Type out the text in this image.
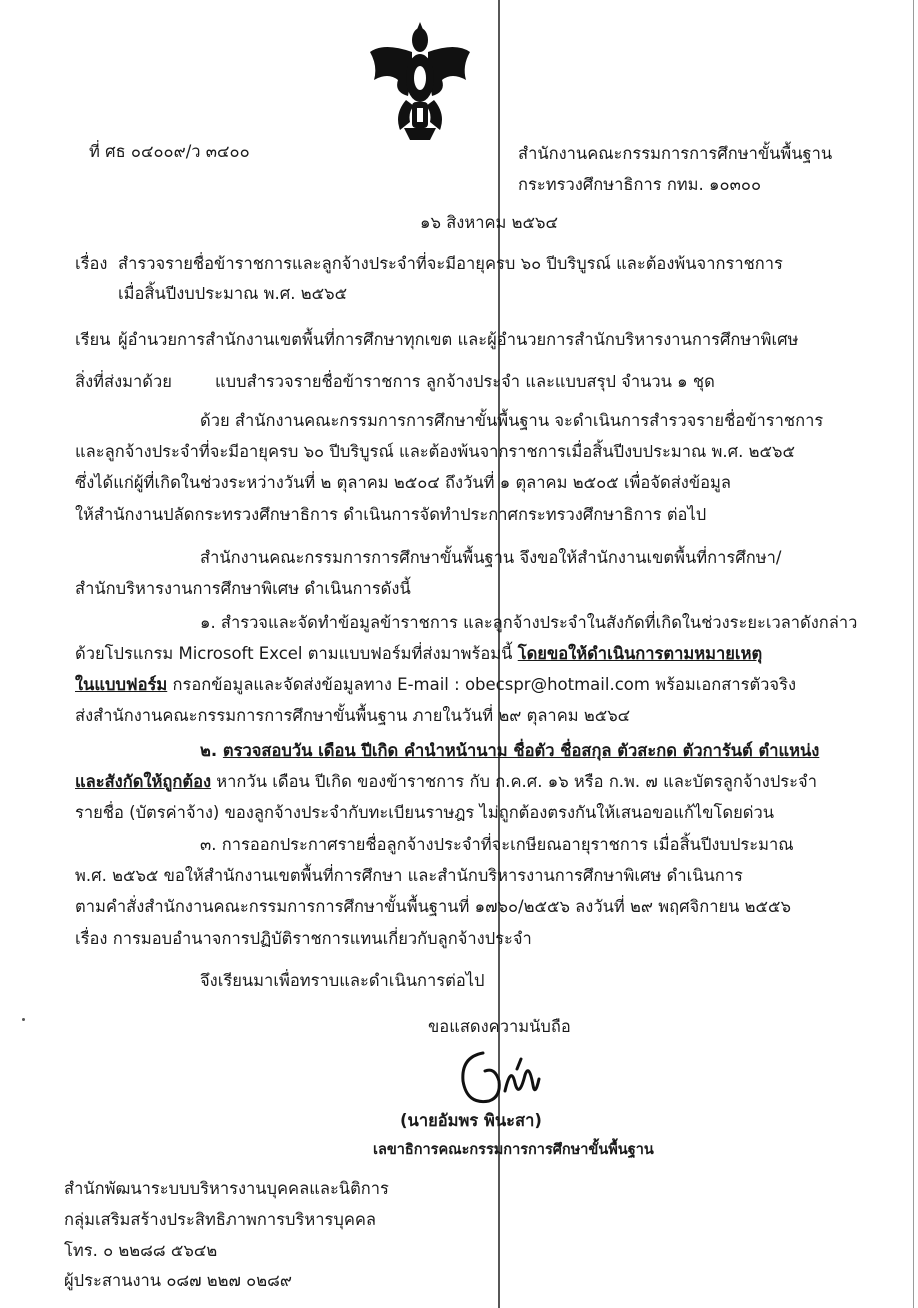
ที่ ศธ ๐๔๐๐๙/ว ๓๔๐๐	สำนักงานคณะกรรมการการศึกษาขั้นพื้นฐาน
กระทรวงศึกษาธิการ กทม. ๑๐๓๐๐
๑๖ สิงหาคม ๒๕๖๔
เรื่อง สำรวจรายชื่อข้าราชการและลูกจ้างประจำที่จะมีอายุครบ ๖๐ ปีบริบูรณ์ และต้องพ้นจากราชการ
เมื่อสิ้นปีงบประมาณ พ.ศ. ๒๕๖๕
เรียน ผู้อำนวยการสำนักงานเขตพื้นที่การศึกษาทุกเขต และผู้อำนวยการสำนักบริหารงานการศึกษาพิเศษ
สิ่งที่ส่งมาด้วย	แบบสำรวจรายชื่อข้าราชการ ลูกจ้างประจำ และแบบสรุป จำนวน ๑ ชุด
ด้วย สำนักงานคณะกรรมการการศึกษาขั้นพื้นฐาน จะดำเนินการสำรวจรายชื่อข้าราชการ
และลูกจ้างประจำที่จะมีอายุครบ ๖๐ ปีบริบูรณ์ และต้องพ้นจากราชการเมื่อสิ้นปีงบประมาณ พ.ศ. ๒๕๖๕
ซึ่งได้แก่ผู้ที่เกิดในช่วงระหว่างวันที่ ๒ ตุลาคม ๒๕๐๔ ถึงวันที่ ๑ ตุลาคม ๒๕๐๕ เพื่อจัดส่งข้อมูล
ให้สำนักงานปลัดกระทรวงศึกษาธิการ ดำเนินการจัดทำประกาศกระทรวงศึกษาธิการ ต่อไป
สำนักงานคณะกรรมการการศึกษาขั้นพื้นฐาน จึงขอให้สำนักงานเขตพื้นที่การศึกษา/
สำนักบริหารงานการศึกษาพิเศษ ดำเนินการดังนี้
๑. สำรวจและจัดทำข้อมูลข้าราชการ และลูกจ้างประจำในสังกัดที่เกิดในช่วงระยะเวลาดังกล่าว
ด้วยโปรแกรม Microsoft Excel ตามแบบฟอร์มที่ส่งมาพร้อมนี้ โดยขอให้ดำเนินการตามหมายเหตุ
ในแบบฟอร์ม กรอกข้อมูลและจัดส่งข้อมูลทาง E-mail : obecspr@hotmail.com พร้อมเอกสารตัวจริง
ส่งสำนักงานคณะกรรมการการศึกษาขั้นพื้นฐาน ภายในวันที่ ๒๙ ตุลาคม ๒๕๖๔
๒. ตรวจสอบวัน เดือน ปีเกิด คำนำหน้านาม ชื่อตัว ชื่อสกุล ตัวสะกด ตัวการันต์ ตำแหน่ง
และสังกัดให้ถูกต้อง หากวัน เดือน ปีเกิด ของข้าราชการ กับ ก.ค.ศ. ๑๖ หรือ ก.พ. ๗ และบัตรลูกจ้างประจำ
รายชื่อ (บัตรค่าจ้าง) ของลูกจ้างประจำกับทะเบียนราษฎร ไม่ถูกต้องตรงกันให้เสนอขอแก้ไขโดยด่วน
๓. การออกประกาศรายชื่อลูกจ้างประจำที่จะเกษียณอายุราชการ เมื่อสิ้นปีงบประมาณ
พ.ศ. ๒๕๖๕ ขอให้สำนักงานเขตพื้นที่การศึกษา และสำนักบริหารงานการศึกษาพิเศษ ดำเนินการ
ตามคำสั่งสำนักงานคณะกรรมการการศึกษาขั้นพื้นฐานที่ ๑๗๖๐/๒๕๕๖ ลงวันที่ ๒๙ พฤศจิกายน ๒๕๕๖
เรื่อง การมอบอำนาจการปฏิบัติราชการแทนเกี่ยวกับลูกจ้างประจำ
จึงเรียนมาเพื่อทราบและดำเนินการต่อไป
ขอแสดงความนับถือ
(นายอัมพร พินะสา)
เลขาธิการคณะกรรมการการศึกษาขั้นพื้นฐาน
สำนักพัฒนาระบบบริหารงานบุคคลและนิติการ
กลุ่มเสริมสร้างประสิทธิภาพการบริหารบุคคล
โทร. ๐ ๒๒๘๘ ๕๖๔๒
ผู้ประสานงาน ๐๘๗ ๒๒๗ ๐๒๘๙
